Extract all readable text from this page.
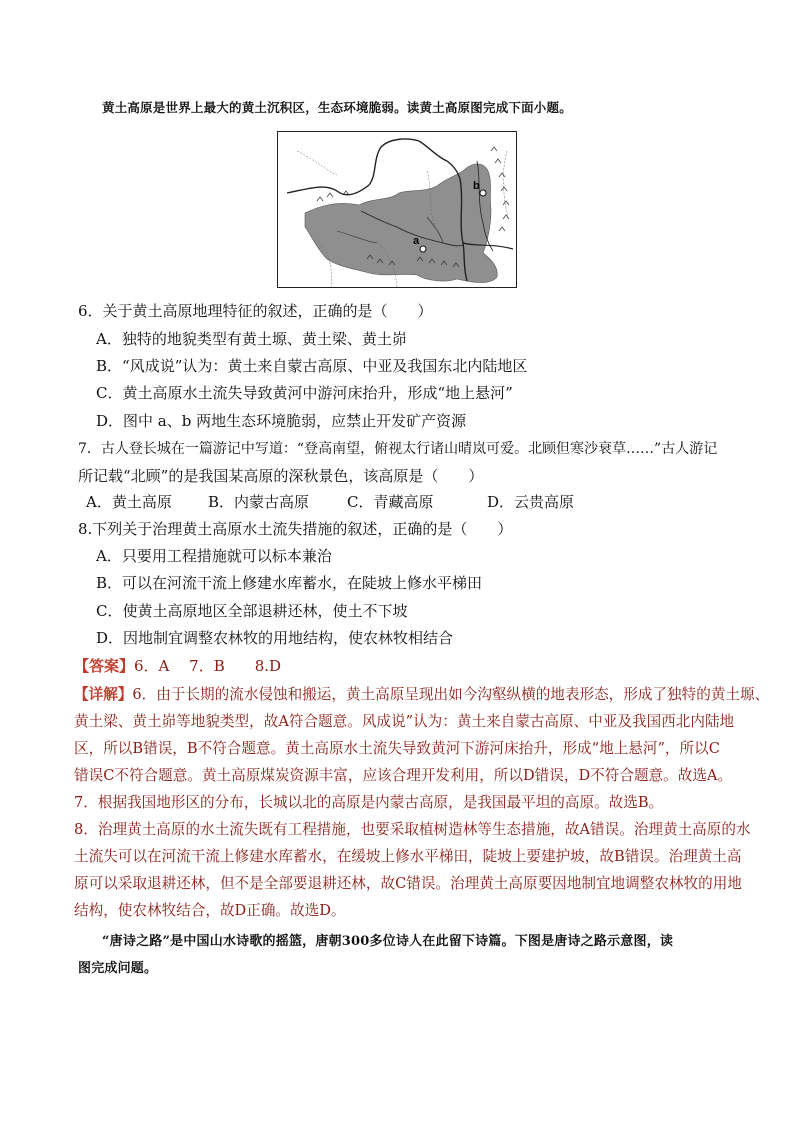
黄土高原是世界上最大的黄土沉积区，生态环境脆弱。读黄土高原图完成下面小题。
a
b
6．关于黄土高原地理特征的叙述，正确的是（　　）
A．独特的地貌类型有黄土塬、黄土梁、黄土峁
B．“风成说”认为：黄土来自蒙古高原、中亚及我国东北内陆地区
C．黄土高原水土流失导致黄河中游河床抬升，形成“地上悬河”
D．图中 a、b 两地生态环境脆弱，应禁止开发矿产资源
7．古人登长城在一篇游记中写道：“登高南望，俯视太行诸山晴岚可爱。北顾但寒沙衰草……”古人游记
所记载“北顾”的是我国某高原的深秋景色，该高原是（　　）
A．黄土高原 B．内蒙古高原	C．青藏高原	D．云贵高原
8.下列关于治理黄土高原水土流失措施的叙述，正确的是（　　）
A．只要用工程措施就可以标本兼治
B．可以在河流干流上修建水库蓄水，在陡坡上修水平梯田
C．使黄土高原地区全部退耕还林，使土不下坡
D．因地制宜调整农林牧的用地结构，使农林牧相结合
【答案】6．A　 7．B　　8.D
【详解】6．由于长期的流水侵蚀和搬运，黄土高原呈现出如今沟壑纵横的地表形态，形成了独特的黄土塬、
黄土梁、黄土峁等地貌类型，故A符合题意。风成说”认为：黄土来自蒙古高原、中亚及我国西北内陆地
区，所以B错误，B不符合题意。黄土高原水土流失导致黄河下游河床抬升，形成“地上悬河”，所以C
错误C不符合题意。黄土高原煤炭资源丰富，应该合理开发利用，所以D错误，D不符合题意。故选A。
7．根据我国地形区的分布，长城以北的高原是内蒙古高原，是我国最平坦的高原。故选B。
8．治理黄土高原的水土流失既有工程措施，也要采取植树造林等生态措施，故A错误。治理黄土高原的水
土流失可以在河流干流上修建水库蓄水，在缓坡上修水平梯田，陡坡上要建护坡，故B错误。治理黄土高
原可以采取退耕还林，但不是全部要退耕还林，故C错误。治理黄土高原要因地制宜地调整农林牧的用地
结构，使农林牧结合，故D正确。故选D。
“唐诗之路”是中国山水诗歌的摇篮，唐朝300多位诗人在此留下诗篇。下图是唐诗之路示意图，读
图完成问题。
